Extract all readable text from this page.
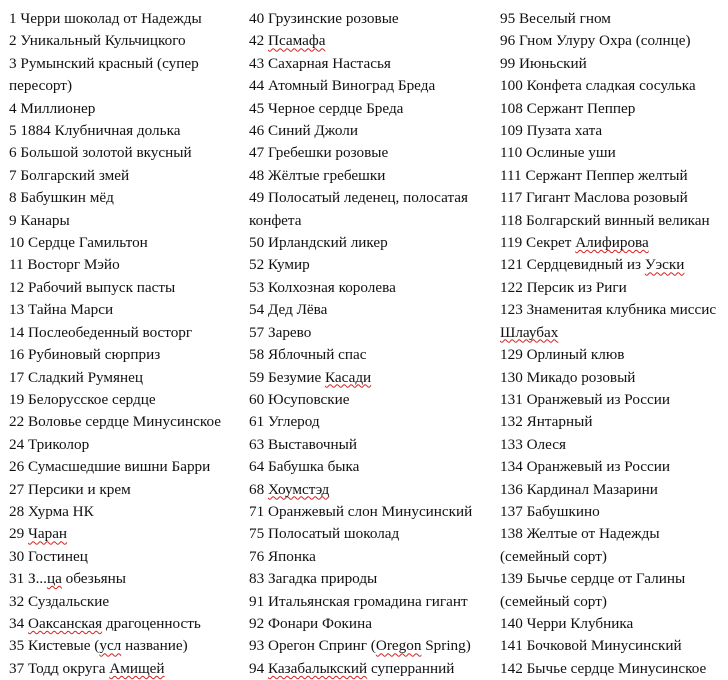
1 Черри шоколад от Надежды
2 Уникальный Кульчицкого
3 Румынский красный (супер пересорт)
4 Миллионер
5 1884 Клубничная долька
6 Большой золотой вкусный
7 Болгарский змей
8 Бабушкин мёд
9 Канары
10 Сердце Гамильтон
11 Восторг Мэйо
12 Рабочий выпуск пасты
13 Тайна Марси
14 Послеобеденный восторг
16 Рубиновый сюрприз
17 Сладкий Румянец
19 Белорусское сердце
22 Воловье сердце Минусинское
24 Триколор
26 Сумасшедшие вишни Барри
27 Персики и крем
28 Хурма НК
29 Чаран
30 Гостинец
31 З...ца обезьяны
32 Суздальские
34 Оаксанская драгоценность
35 Кистевые (усл название)
37 Тодд округа Амищей
40 Грузинские розовые
42 Псамафа
43 Сахарная Настасья
44 Атомный Виноград Бреда
45 Черное сердце Бреда
46 Синий Джоли
47 Гребешки розовые
48 Жёлтые гребешки
49 Полосатый леденец, полосатая конфета
50 Ирландский ликер
52 Кумир
53 Колхозная королева
54 Дед Лёва
57 Зарево
58 Яблочный спас
59 Безумие Касади
60 Юсуповские
61 Углерод
63 Выставочный
64 Бабушка быка
68 Хоумстэд
71 Оранжевый слон Минусинский
75 Полосатый шоколад
76 Японка
83 Загадка природы
91 Итальянская громадина гигант
92 Фонари Фокина
93 Орегон Спринг (Oregon Spring)
94 Казабалыкский суперранний
95 Веселый гном
96 Гном Улуру Охра (солнце)
99 Июньский
100 Конфета сладкая сосулька
108 Сержант Пеппер
109 Пузата хата
110 Ослиные уши
111 Сержант Пеппер желтый
117 Гигант Маслова розовый
118 Болгарский винный великан
119 Секрет Алифирова
121 Сердцевидный из Уэски
122 Персик из Риги
123 Знаменитая клубника миссис Шлаубах
129 Орлиный клюв
130 Микадо розовый
131 Оранжевый из России
132 Янтарный
133 Олеся
134 Оранжевый из России
136 Кардинал Мазарини
137 Бабушкино
138 Желтые от Надежды (семейный сорт)
139 Бычье сердце от Галины (семейный сорт)
140 Черри Клубника
141 Бочковой Минусинский
142 Бычье сердце Минусинское
